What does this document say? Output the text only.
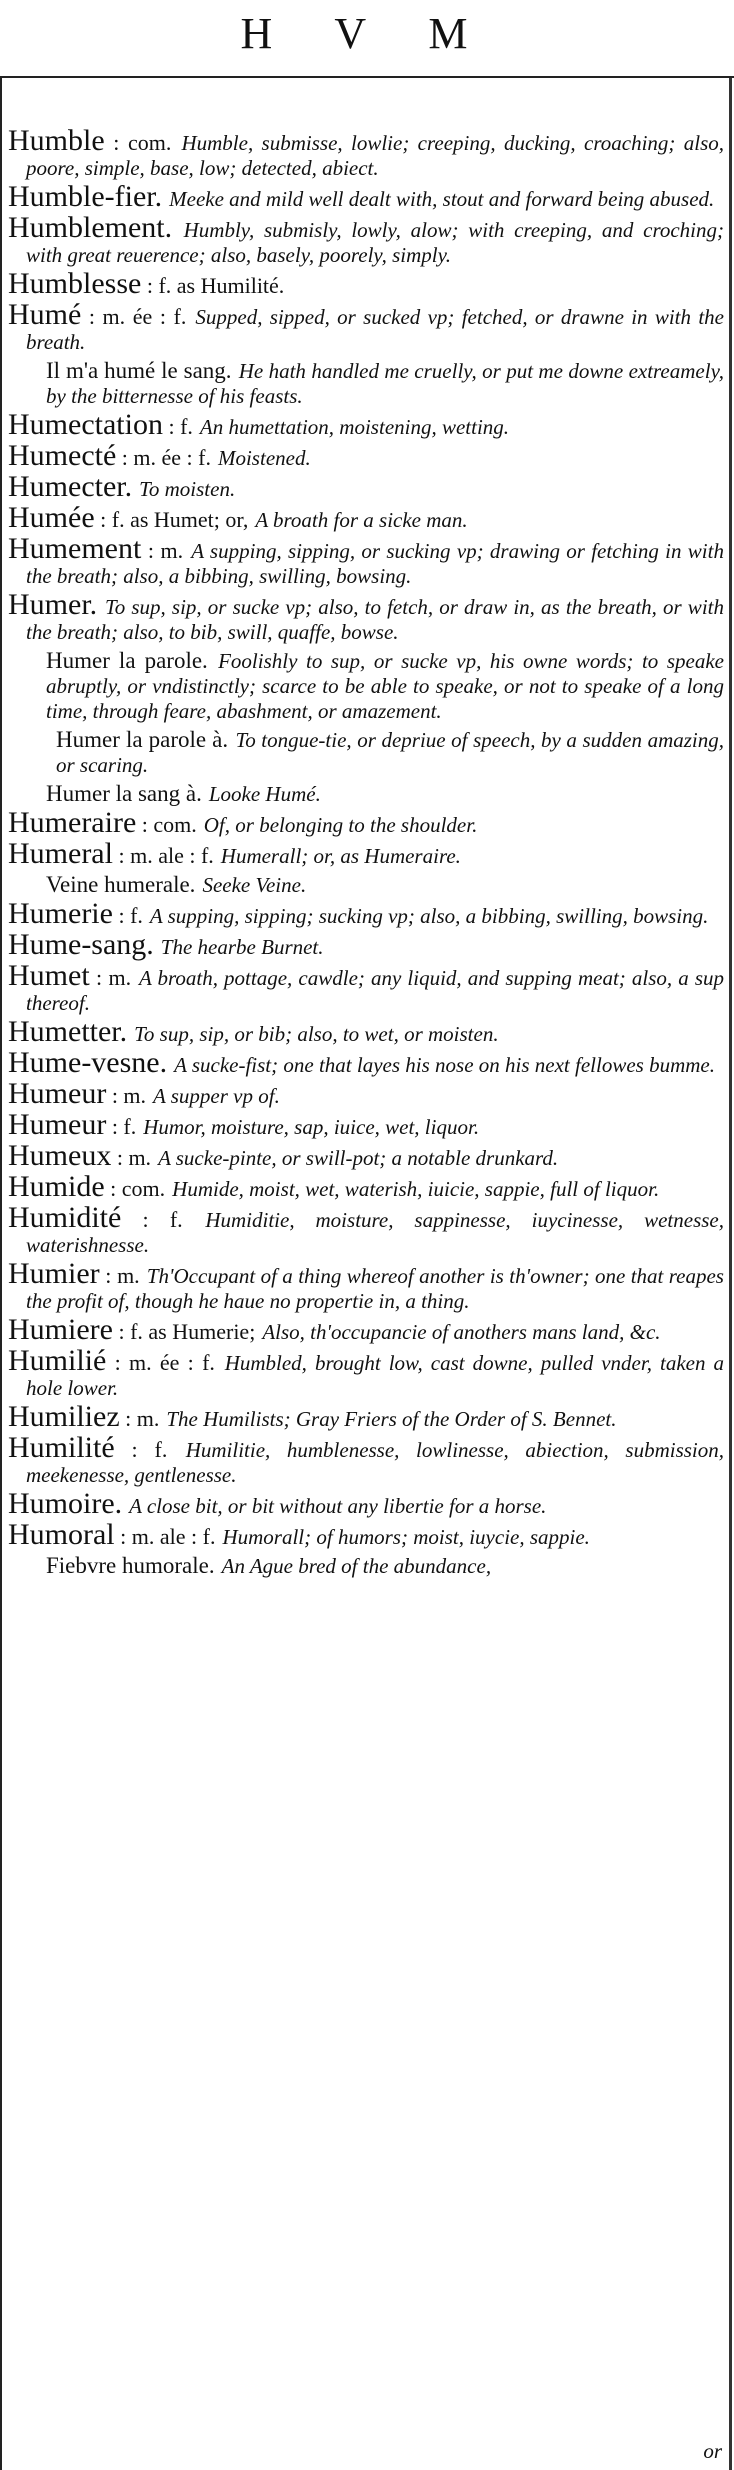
H V M

Humble : com. Humble, submisse, lowlie; creeping, ducking, croaching; also, poore, simple, base, low; detected, abiect.

Humble-fier. Meeke and mild well dealt with, stout and forward being abused.

Humblement. Humbly, submisly, lowly, alow; with creeping, and croching; with great reuerence; also, basely, poorely, simply.

Humblesse : f. as Humilité.

Humé : m. ée : f. Supped, sipped, or sucked vp; fetched, or drawne in with the breath.

Il m'a humé le sang. He hath handled me cruelly, or put me downe extreamely, by the bitternesse of his feasts.

Humectation : f. An humettation, moistening, wetting.

Humecté : m. ée : f. Moistened.

Humecter. To moisten.

Humée : f. as Humet; or, A broath for a sicke man.

Humement : m. A supping, sipping, or sucking vp; drawing or fetching in with the breath; also, a bibbing, swilling, bowsing.

Humer. To sup, sip, or sucke vp; also, to fetch, or draw in, as the breath, or with the breath; also, to bib, swill, quaffe, bowse.

Humer la parole. Foolishly to sup, or sucke vp, his owne words; to speake abruptly, or vndistinctly; scarce to be able to speake, or not to speake of a long time, through feare, abashment, or amazement.

Humer la parole à. To tongue-tie, or depriue of speech, by a sudden amazing, or scaring.

Humer la sang à. Looke Humé.

Humeraire : com. Of, or belonging to the shoulder.

Humeral : m. ale : f. Humerall; or, as Humeraire.

Veine humerale. Seeke Veine.

Humerie : f. A supping, sipping; sucking vp; also, a bibbing, swilling, bowsing.

Hume-sang. The hearbe Burnet.

Humet : m. A broath, pottage, cawdle; any liquid, and supping meat; also, a sup thereof.

Humetter. To sup, sip, or bib; also, to wet, or moisten.

Hume-vesne. A sucke-fist; one that layes his nose on his next fellowes bumme.

Humeur : m. A supper vp of.

Humeur : f. Humor, moisture, sap, iuice, wet, liquor.

Humeux : m. A sucke-pinte, or swill-pot; a notable drunkard.

Humide : com. Humide, moist, wet, waterish, iuicie, sappie, full of liquor.

Humidité : f. Humiditie, moisture, sappinesse, iuycinesse, wetnesse, waterishnesse.

Humier : m. Th'Occupant of a thing whereof another is th'owner; one that reapes the profit of, though he haue no propertie in, a thing.

Humiere : f. as Humerie; Also, th'occupancie of anothers mans land, &c.

Humilié : m. ée : f. Humbled, brought low, cast downe, pulled vnder, taken a hole lower.

Humiliez : m. The Humilists; Gray Friers of the Order of S. Bennet.

Humilité : f. Humilitie, humblenesse, lowlinesse, abiection, submission, meekenesse, gentlenesse.

Humoire. A close bit, or bit without any libertie for a horse.

Humoral : m. ale : f. Humorall; of humors; moist, iuycie, sappie.

Fiebvre humorale. An Ague bred of the abundance,

or
